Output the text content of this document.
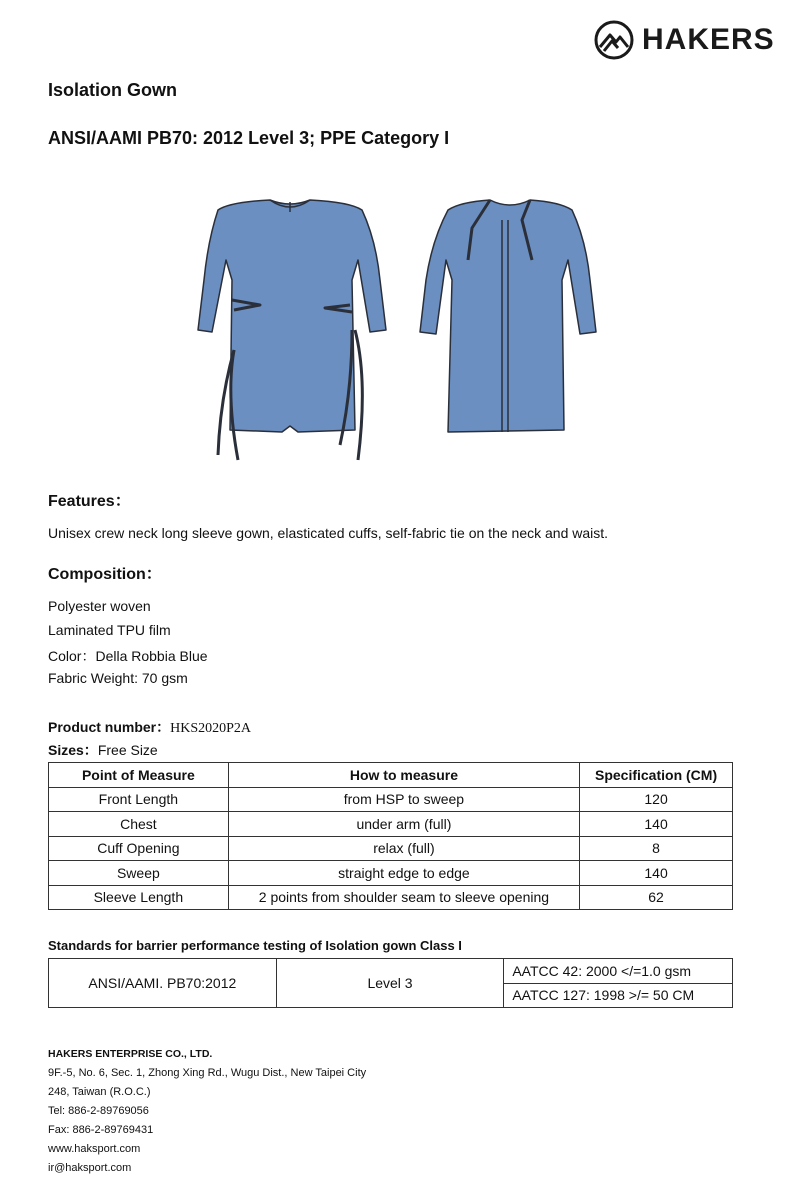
HAKERS
Isolation Gown
ANSI/AAMI PB70: 2012 Level 3; PPE Category I
Features：
Unisex crew neck long sleeve gown, elasticated cuffs, self-fabric tie on the neck and waist.
Composition：
Polyester woven
Laminated TPU film
Color：Della Robbia Blue
Fabric Weight: 70 gsm
Product number：HKS2020P2A
Sizes：Free Size
Point of Measure	How to measure	Specification (CM)
Front Length	from HSP to sweep	120
Chest	under arm (full)	140
Cuff Opening	relax (full)	8
Sweep	straight edge to edge	140
Sleeve Length	2 points from shoulder seam to sleeve opening	62
Standards for barrier performance testing of Isolation gown Class I
ANSI/AAMI. PB70:2012	Level 3	AATCC 42: 2000 </=1.0 gsm
AATCC 127: 1998 >/= 50 CM
HAKERS ENTERPRISE CO., LTD.
9F.-5, No. 6, Sec. 1, Zhong Xing Rd., Wugu Dist., New Taipei City
248, Taiwan (R.O.C.)
Tel: 886-2-89769056
Fax: 886-2-89769431
www.haksport.com
ir@haksport.com
